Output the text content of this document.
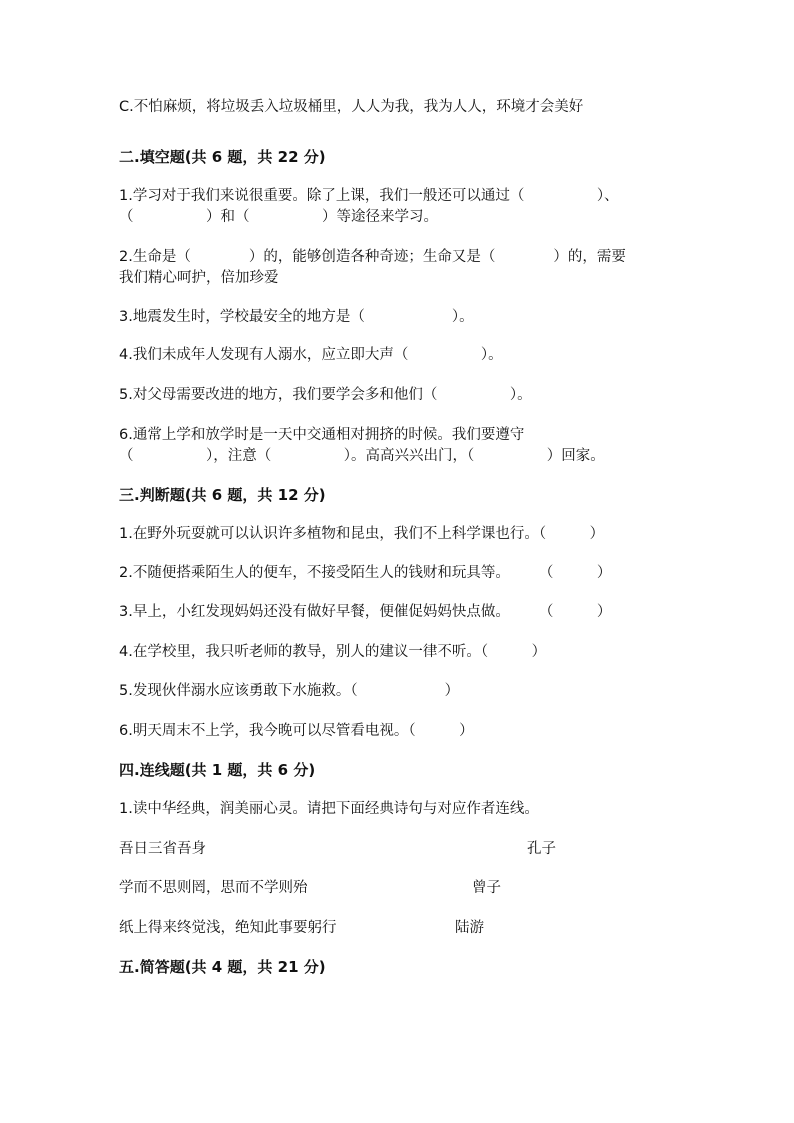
C.不怕麻烦，将垃圾丢入垃圾桶里，人人为我，我为人人，环境才会美好
二.填空题(共 6 题，共 22 分)
1.学习对于我们来说很重要。除了上课，我们一般还可以通过（　　　　　）、
（　　　　　）和（　　　　　）等途径来学习。
2.生命是（　　　　）的，能够创造各种奇迹；生命又是（　　　　）的，需要
我们精心呵护，倍加珍爱
3.地震发生时，学校最安全的地方是（　　　　　　）。
4.我们未成年人发现有人溺水，应立即大声（　　　　　）。
5.对父母需要改进的地方，我们要学会多和他们（　　　　　）。
6.通常上学和放学时是一天中交通相对拥挤的时候。我们要遵守
（　　　　　），注意（　　　　　）。高高兴兴出门，（　　　　　）回家。
三.判断题(共 6 题，共 12 分)
1.在野外玩耍就可以认识许多植物和昆虫，我们不上科学课也行。（　　　）
2.不随便搭乘陌生人的便车，不接受陌生人的钱财和玩具等。　　　（　　　）
3.早上，小红发现妈妈还没有做好早餐，便催促妈妈快点做。　　　（　　　）
4.在学校里，我只听老师的教导，别人的建议一律不听。（　　　）
5.发现伙伴溺水应该勇敢下水施救。（　　　　　　）
6.明天周末不上学，我今晚可以尽管看电视。（　　　）
四.连线题(共 1 题，共 6 分)
1.读中华经典，润美丽心灵。请把下面经典诗句与对应作者连线。
吾日三省吾身	孔子
学而不思则罔，思而不学则殆	曾子
纸上得来终觉浅，绝知此事要躬行	陆游
五.简答题(共 4 题，共 21 分)
